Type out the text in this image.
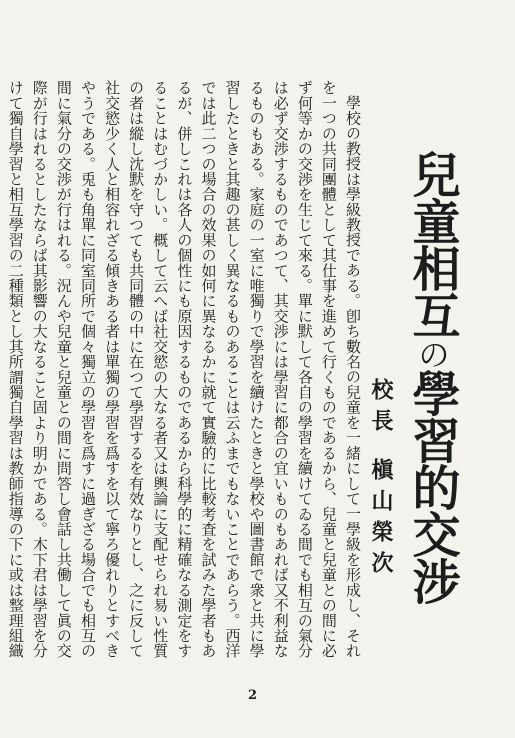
兒童相互の學習的交涉
校長槇山榮次

學校の教授は學級教授である。卽ち數名の兒童を一緒にして一學級を形成し、それを一つの共同團體として其仕事を進めて行くものであるから、兒童と兒童との間に必ず何等かの交渉を生じて來る。單に默して各自の學習を續けてゐる間でも相互の氣分は必ず交渉するものであつて、其交渉には學習に都合の宜いものもあれば又不利益なるものもある。家庭の一室に唯獨りで學習を續けたときと學校や圖書館で衆と共に學習したときと其趣の甚しく異なるものあることは云ふまでもないことであらう。西洋では此二つの場合の效果の如何に異なるかに就て實驗的に比較考査を試みた學者もあるが、併しこれは各人の個性にも原因するものであるから科學的に精確なる測定をすることはむづかしい。概して云へば社交慾の大なる者又は輿論に支配せられ易い性質の者は縱し沈默を守つても共同體の中に在つて學習するを有效なりとし、之に反して社交慾少く人と相容れざる傾きある者は單獨の學習を爲すを以て寧ろ優れりとすべきやうである。兎も角單に同室同所で個々獨立の學習を爲すに過ぎざる場合でも相互の間に氣分の交渉が行はれる。況んや兒童と兒童との間に問答し會話し共働して眞の交際が行はれるとしたならば其影響の大なること固より明かである。木下君は學習を分けて獨自學習と相互學習の二種類とし其所謂獨自學習は教師指導の下に或は整理組織

2
